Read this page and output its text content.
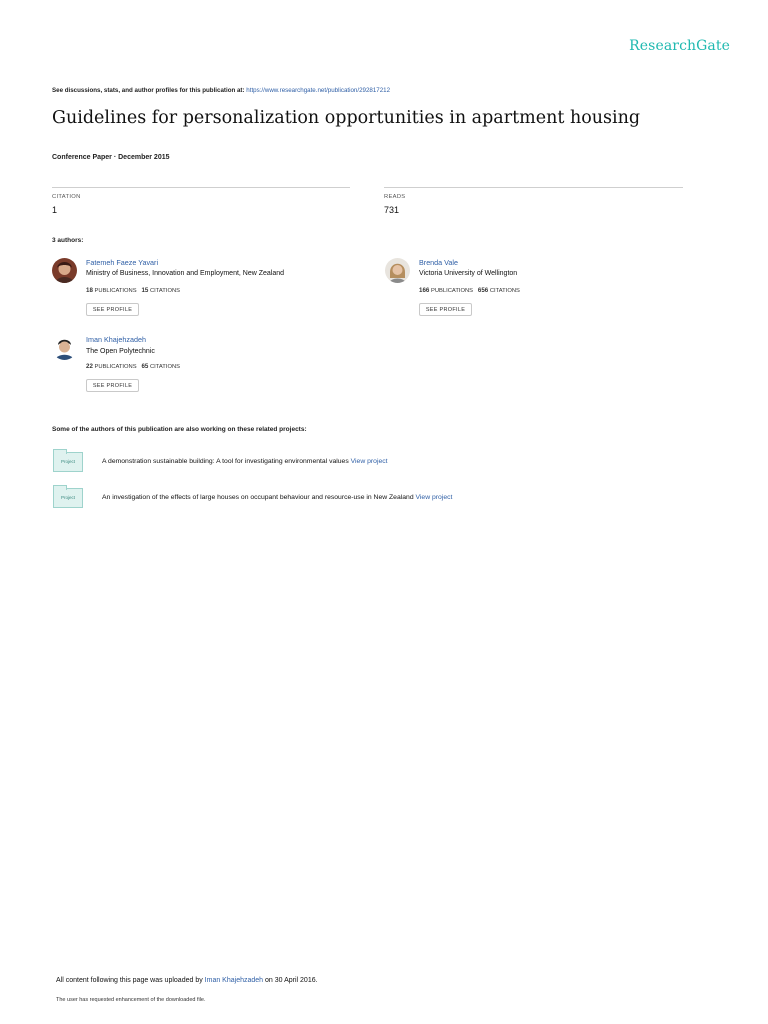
ResearchGate
See discussions, stats, and author profiles for this publication at: https://www.researchgate.net/publication/292817212
Guidelines for personalization opportunities in apartment housing
Conference Paper · December 2015
CITATION
1
READS
731
3 authors:
Fatemeh Faeze Yavari
Ministry of Business, Innovation and Employment, New Zealand
18 PUBLICATIONS 15 CITATIONS
SEE PROFILE
Brenda Vale
Victoria University of Wellington
166 PUBLICATIONS 656 CITATIONS
SEE PROFILE
Iman Khajehzadeh
The Open Polytechnic
22 PUBLICATIONS 65 CITATIONS
SEE PROFILE
Some of the authors of this publication are also working on these related projects:
Project	A demonstration sustainable building: A tool for investigating environmental values View project
Project	An investigation of the effects of large houses on occupant behaviour and resource-use in New Zealand View project
All content following this page was uploaded by Iman Khajehzadeh on 30 April 2016.
The user has requested enhancement of the downloaded file.
